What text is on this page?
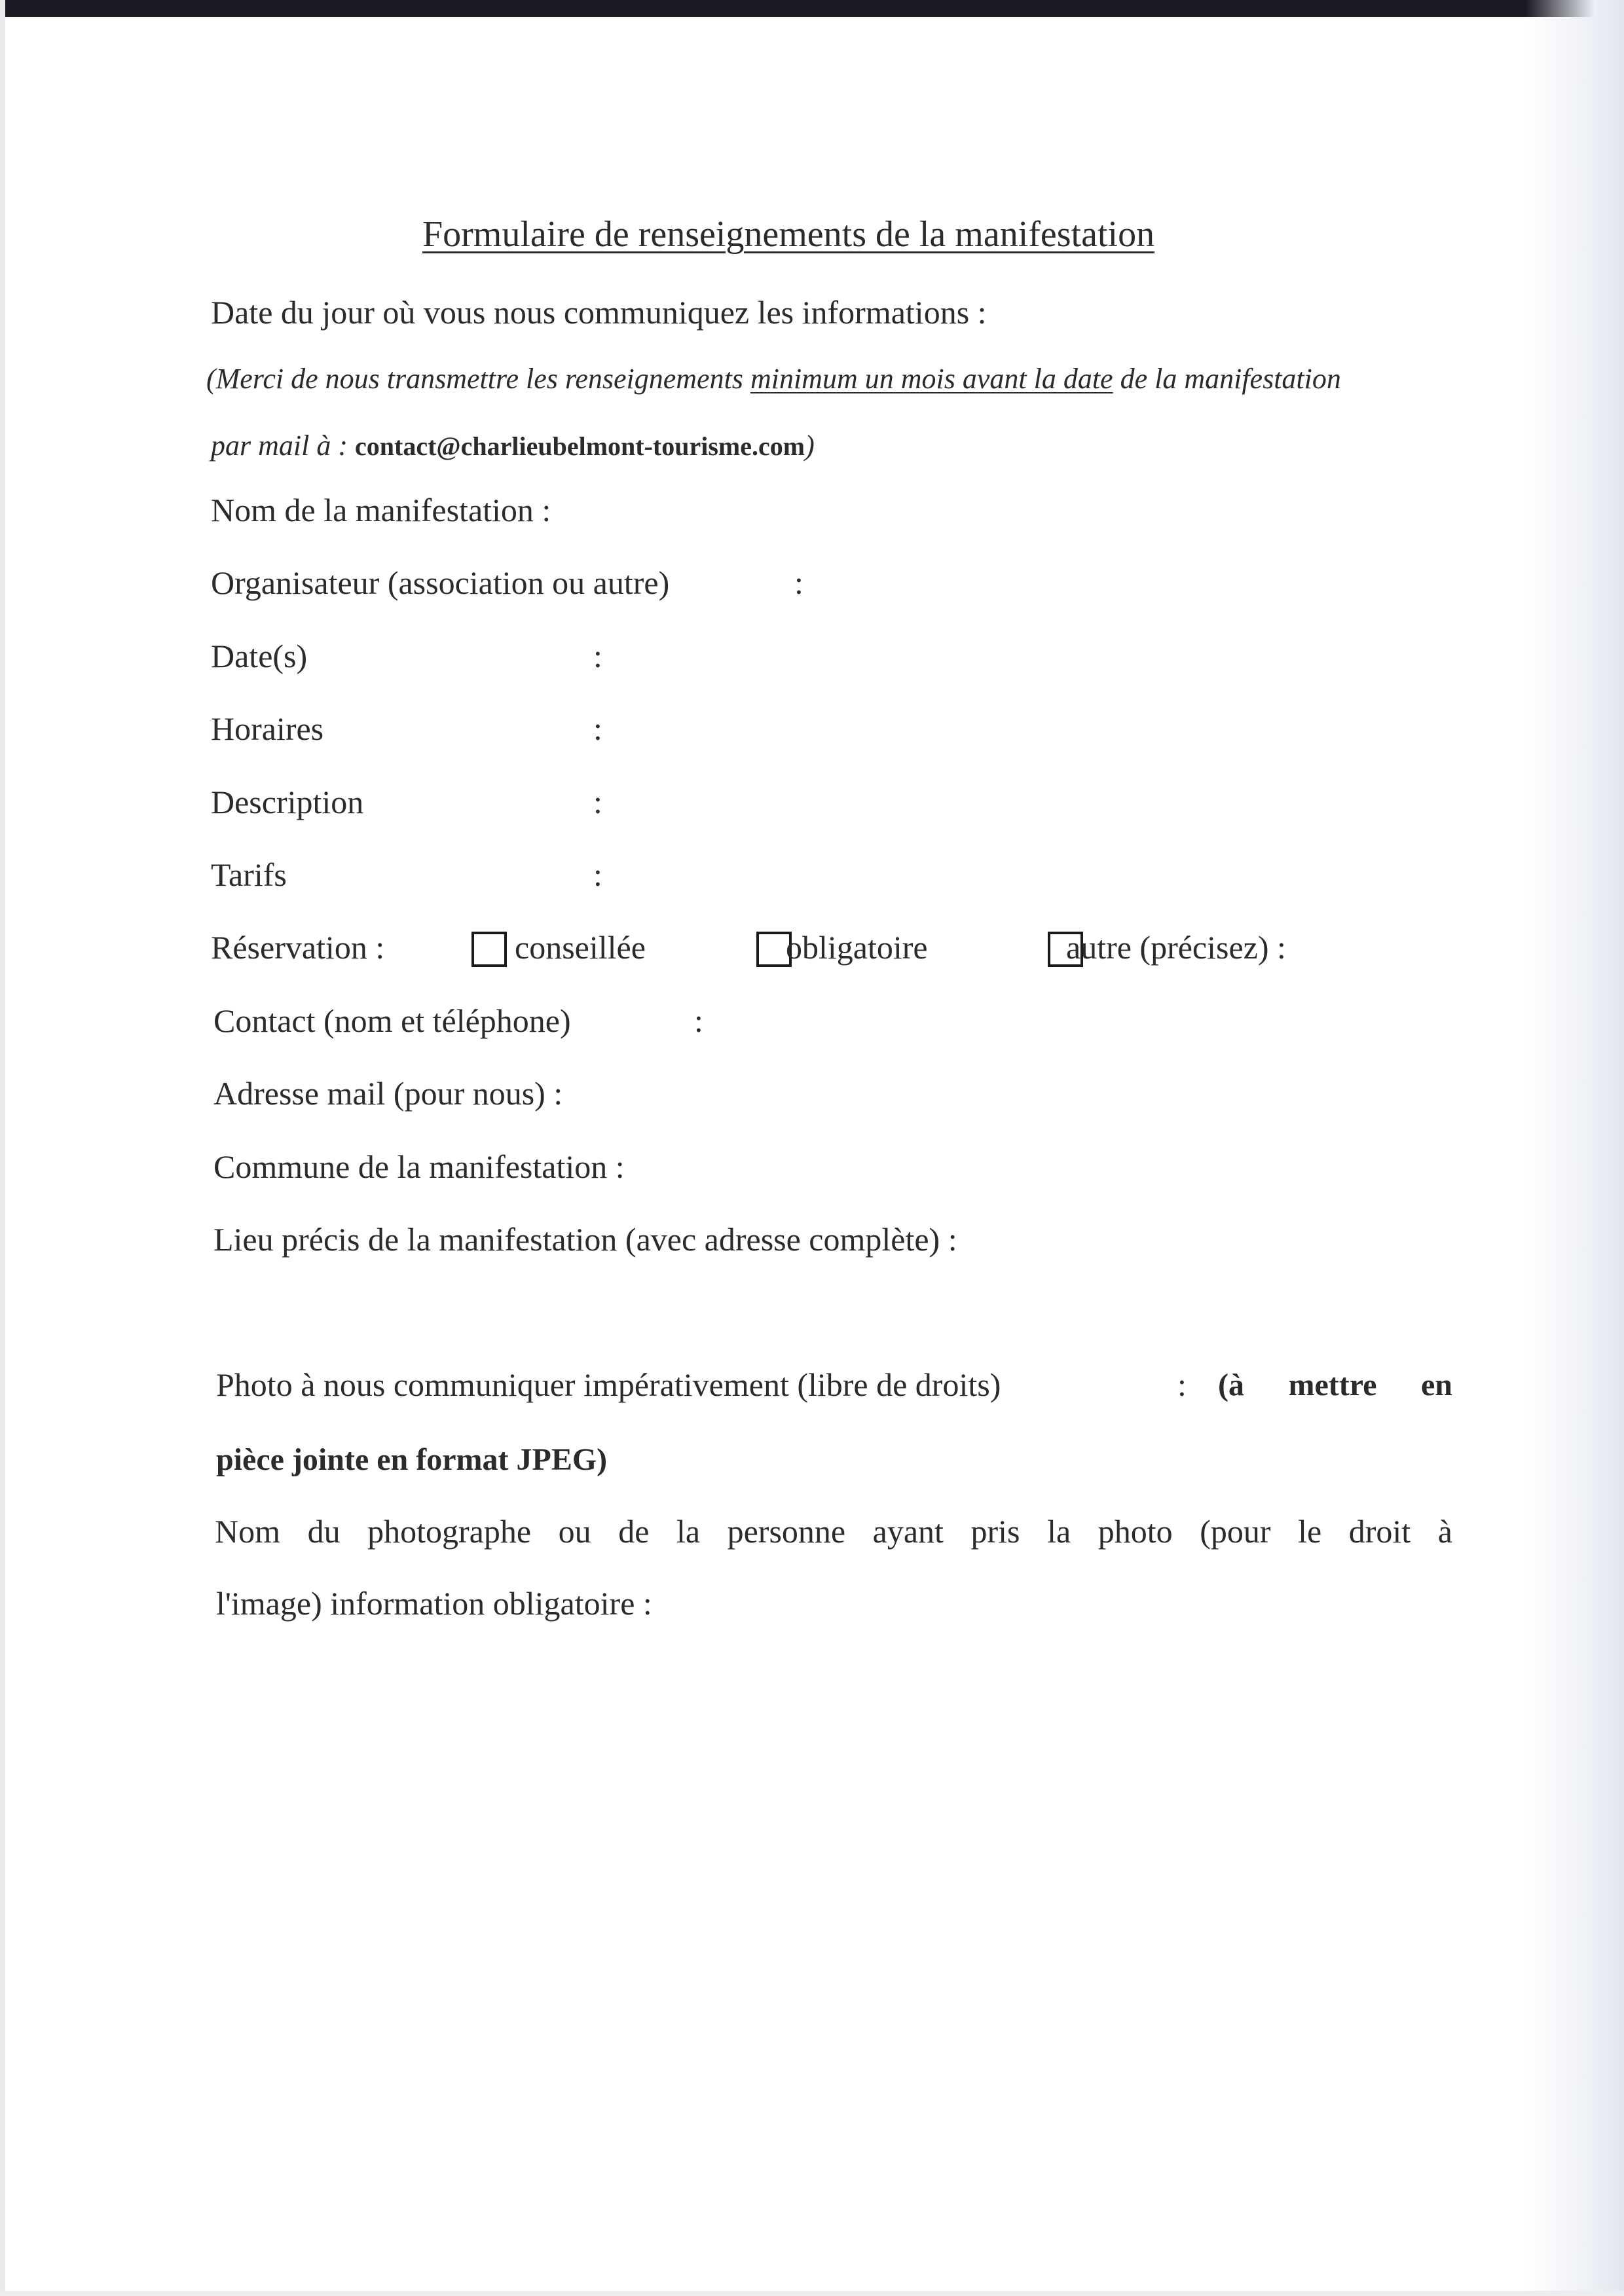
Formulaire de renseignements de la manifestation
Date du jour où vous nous communiquez les informations :
(Merci de nous transmettre les renseignements minimum un mois avant la date de la manifestation
par mail à : contact@charlieubelmont-tourisme.com)
Nom de la manifestation :
Organisateur (association ou autre)	:
Date(s)	:
Horaires	:
Description	:
Tarifs	:
Réservation :	conseillée	obligatoire	autre (précisez) :
Contact (nom et téléphone)	:
Adresse mail (pour nous) :
Commune de la manifestation :
Lieu précis de la manifestation (avec adresse complète) :
Photo à nous communiquer impérativement (libre de droits)	: (à mettre en
pièce jointe en format JPEG)
Nom du photographe ou de la personne ayant pris la photo (pour le droit à
l'image) information obligatoire :
